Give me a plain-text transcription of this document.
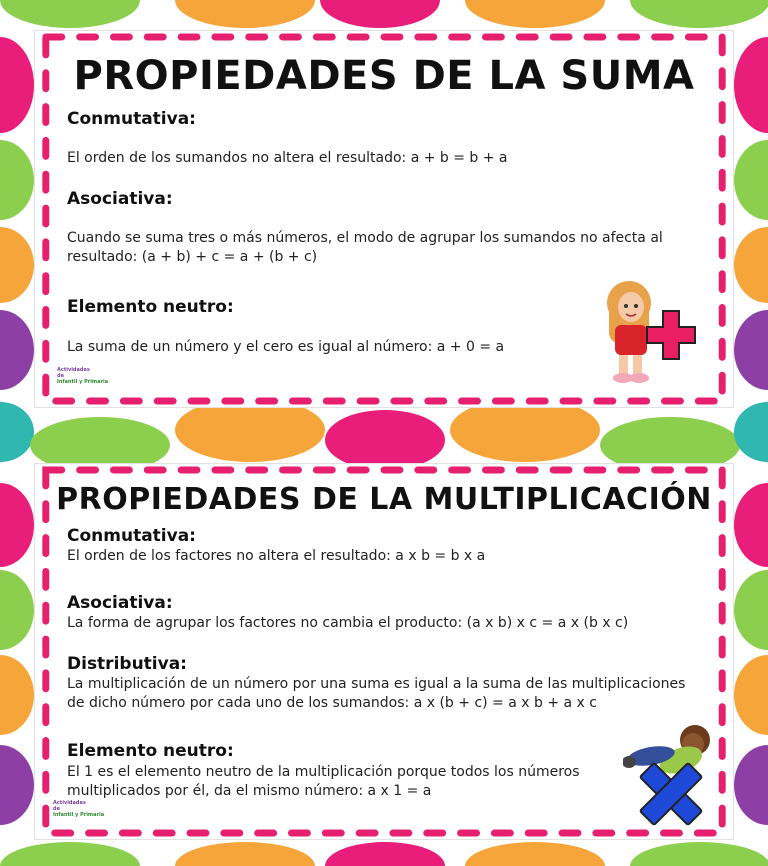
PROPIEDADES DE LA SUMA
Conmutativa:
El orden de los sumandos no altera el resultado: a + b = b + a
Asociativa:
Cuando se suma tres o más números, el modo de agrupar los sumandos no afecta al resultado: (a + b) + c = a + (b + c)
Elemento neutro:
La suma de un número y el cero es igual al número: a + 0 = a
Actividades
de
Infantil y Primaria
PROPIEDADES DE LA MULTIPLICACIÓN
Conmutativa:
El orden de los factores no altera el resultado: a x b = b x a
Asociativa:
La forma de agrupar los factores no cambia el producto: (a x b) x c = a x (b x c)
Distributiva:
La multiplicación de un número por una suma es igual a la suma de las multiplicaciones de dicho número por cada uno de los sumandos: a x (b + c) = a x b + a x c
Elemento neutro:
El 1 es el elemento neutro de la multiplicación porque todos los números multiplicados por él, da el mismo número: a x 1 = a
Actividades
de
Infantil y Primaria
